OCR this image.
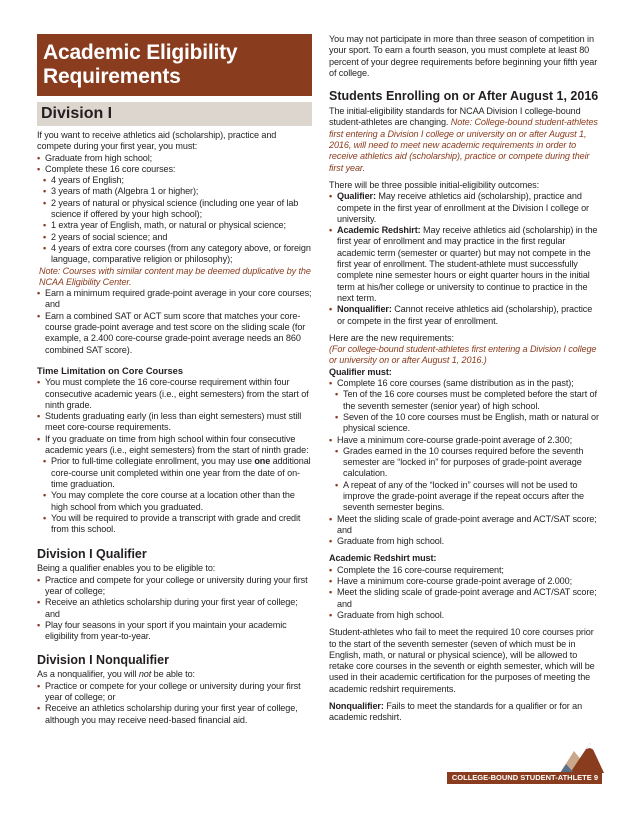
Academic Eligibility
Requirements
Division I

If you want to receive athletics aid (scholarship), practice and compete during your first year, you must:

• Graduate from high school;
• Complete these 16 core courses:
• 4 years of English;
• 3 years of math (Algebra 1 or higher);
• 2 years of natural or physical science (including one year of lab science if offered by your high school);
• 1 extra year of English, math, or natural or physical science;
• 2 years of social science; and
• 4 years of extra core courses (from any category above, or foreign language, comparative religion or philosophy);

Note: Courses with similar content may be deemed duplicative by the NCAA Eligibility Center.

• Earn a minimum required grade-point average in your core courses; and
• Earn a combined SAT or ACT sum score that matches your core-course grade-point average and test score on the sliding scale (for example, a 2.400 core-course grade-point average needs an 860 combined SAT score).
Time Limitation on Core Courses
• You must complete the 16 core-course requirement within four consecutive academic years (i.e., eight semesters) from the start of ninth grade.
• Students graduating early (in less than eight semesters) must still meet core-course requirements.
• If you graduate on time from high school within four consecutive academic years (i.e., eight semesters) from the start of ninth grade:
• Prior to full-time collegiate enrollment, you may use one additional core-course unit completed within one year from the date of on-time graduation.
• You may complete the core course at a location other than the high school from which you graduated.
• You will be required to provide a transcript with grade and credit from this school.
Division I Qualifier

Being a qualifier enables you to be eligible to:

• Practice and compete for your college or university during your first year of college;
• Receive an athletics scholarship during your first year of college; and
• Play four seasons in your sport if you maintain your academic eligibility from year-to-year.
Division I Nonqualifier

As a nonqualifier, you will not be able to:

• Practice or compete for your college or university during your first year of college; or
• Receive an athletics scholarship during your first year of college, although you may receive need-based financial aid.

You may not participate in more than three season of competition in your sport. To earn a fourth season, you must complete at least 80 percent of your degree requirements before beginning your fifth year of college.

Students Enrolling on or After August 1, 2016

The initial-eligibility standards for NCAA Division I college-bound student-athletes are changing. Note: College-bound student-athletes first entering a Division I college or university on or after August 1, 2016, will need to meet new academic requirements in order to receive athletics aid (scholarship), practice or compete during their first year.

There will be three possible initial-eligibility outcomes:

• Qualifier: May receive athletics aid (scholarship), practice and compete in the first year of enrollment at the Division I college or university.
• Academic Redshirt: May receive athletics aid (scholarship) in the first year of enrollment and may practice in the first regular academic term (semester or quarter) but may not compete in the first year of enrollment. The student-athlete must successfully complete nine semester hours or eight quarter hours in the initial term at his/her college or university to continue to practice in the next term.
• Nonqualifier: Cannot receive athletics aid (scholarship), practice or compete in the first year of enrollment.

Here are the new requirements:

(For college-bound student-athletes first entering a Division I college or university on or after August 1, 2016.)

Qualifier must:

• Complete 16 core courses (same distribution as in the past);
• Ten of the 16 core courses must be completed before the start of the seventh semester (senior year) of high school.
• Seven of the 10 core courses must be English, math or natural or physical science.
• Have a minimum core-course grade-point average of 2.300;
• Grades earned in the 10 courses required before the seventh semester are “locked in” for purposes of grade-point average calculation.
• A repeat of any of the “locked in” courses will not be used to improve the grade-point average if the repeat occurs after the seventh semester begins.
• Meet the sliding scale of grade-point average and ACT/SAT score; and
• Graduate from high school.

Academic Redshirt must:

• Complete the 16 core-course requirement;
• Have a minimum core-course grade-point average of 2.000;
• Meet the sliding scale of grade-point average and ACT/SAT score; and
• Graduate from high school.

Student-athletes who fail to meet the required 10 core courses prior to the start of the seventh semester (seven of which must be in English, math, or natural or physical science), will be allowed to retake core courses in the seventh or eighth semester, which will be used in their academic certification for the purposes of meeting the academic redshirt requirements.

Nonqualifier: Fails to meet the standards for a qualifier or for an academic redshirt.

COLLEGE-BOUND STUDENT-ATHLETE 9
